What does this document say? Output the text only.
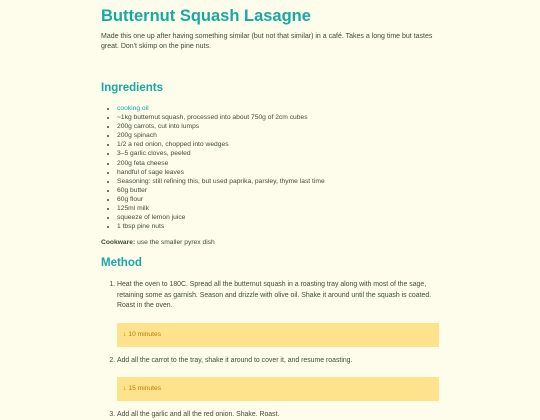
Butternut Squash Lasagne

Made this one up after having something similar (but not that similar) in a café. Takes a long time but tastes great. Don't skimp on the pine nuts.

Ingredients
• cooking oil
• ~1kg butternut squash, processed into about 750g of 2cm cubes
• 200g carrots, cut into lumps
• 200g spinach
• 1/2 a red onion, chopped into wedges
• 3–5 garlic cloves, peeled
• 200g feta cheese
• handful of sage leaves
• Seasoning: still refining this, but used paprika, parsley, thyme last time
• 60g butter
• 60g flour
• 125ml milk
• squeeze of lemon juice
• 1 tbsp pine nuts

Cookware: use the smaller pyrex dish

Method
1. Heat the oven to 180C. Spread all the butternut squash in a roasting tray along with most of the sage, retaining some as garnish. Season and drizzle with olive oil. Shake it around until the squash is coated. Roast in the oven.
↓ 10 minutes
2. Add all the carrot to the tray, shake it around to cover it, and resume roasting.
↓ 15 minutes
3. Add all the garlic and all the red onion. Shake. Roast.
